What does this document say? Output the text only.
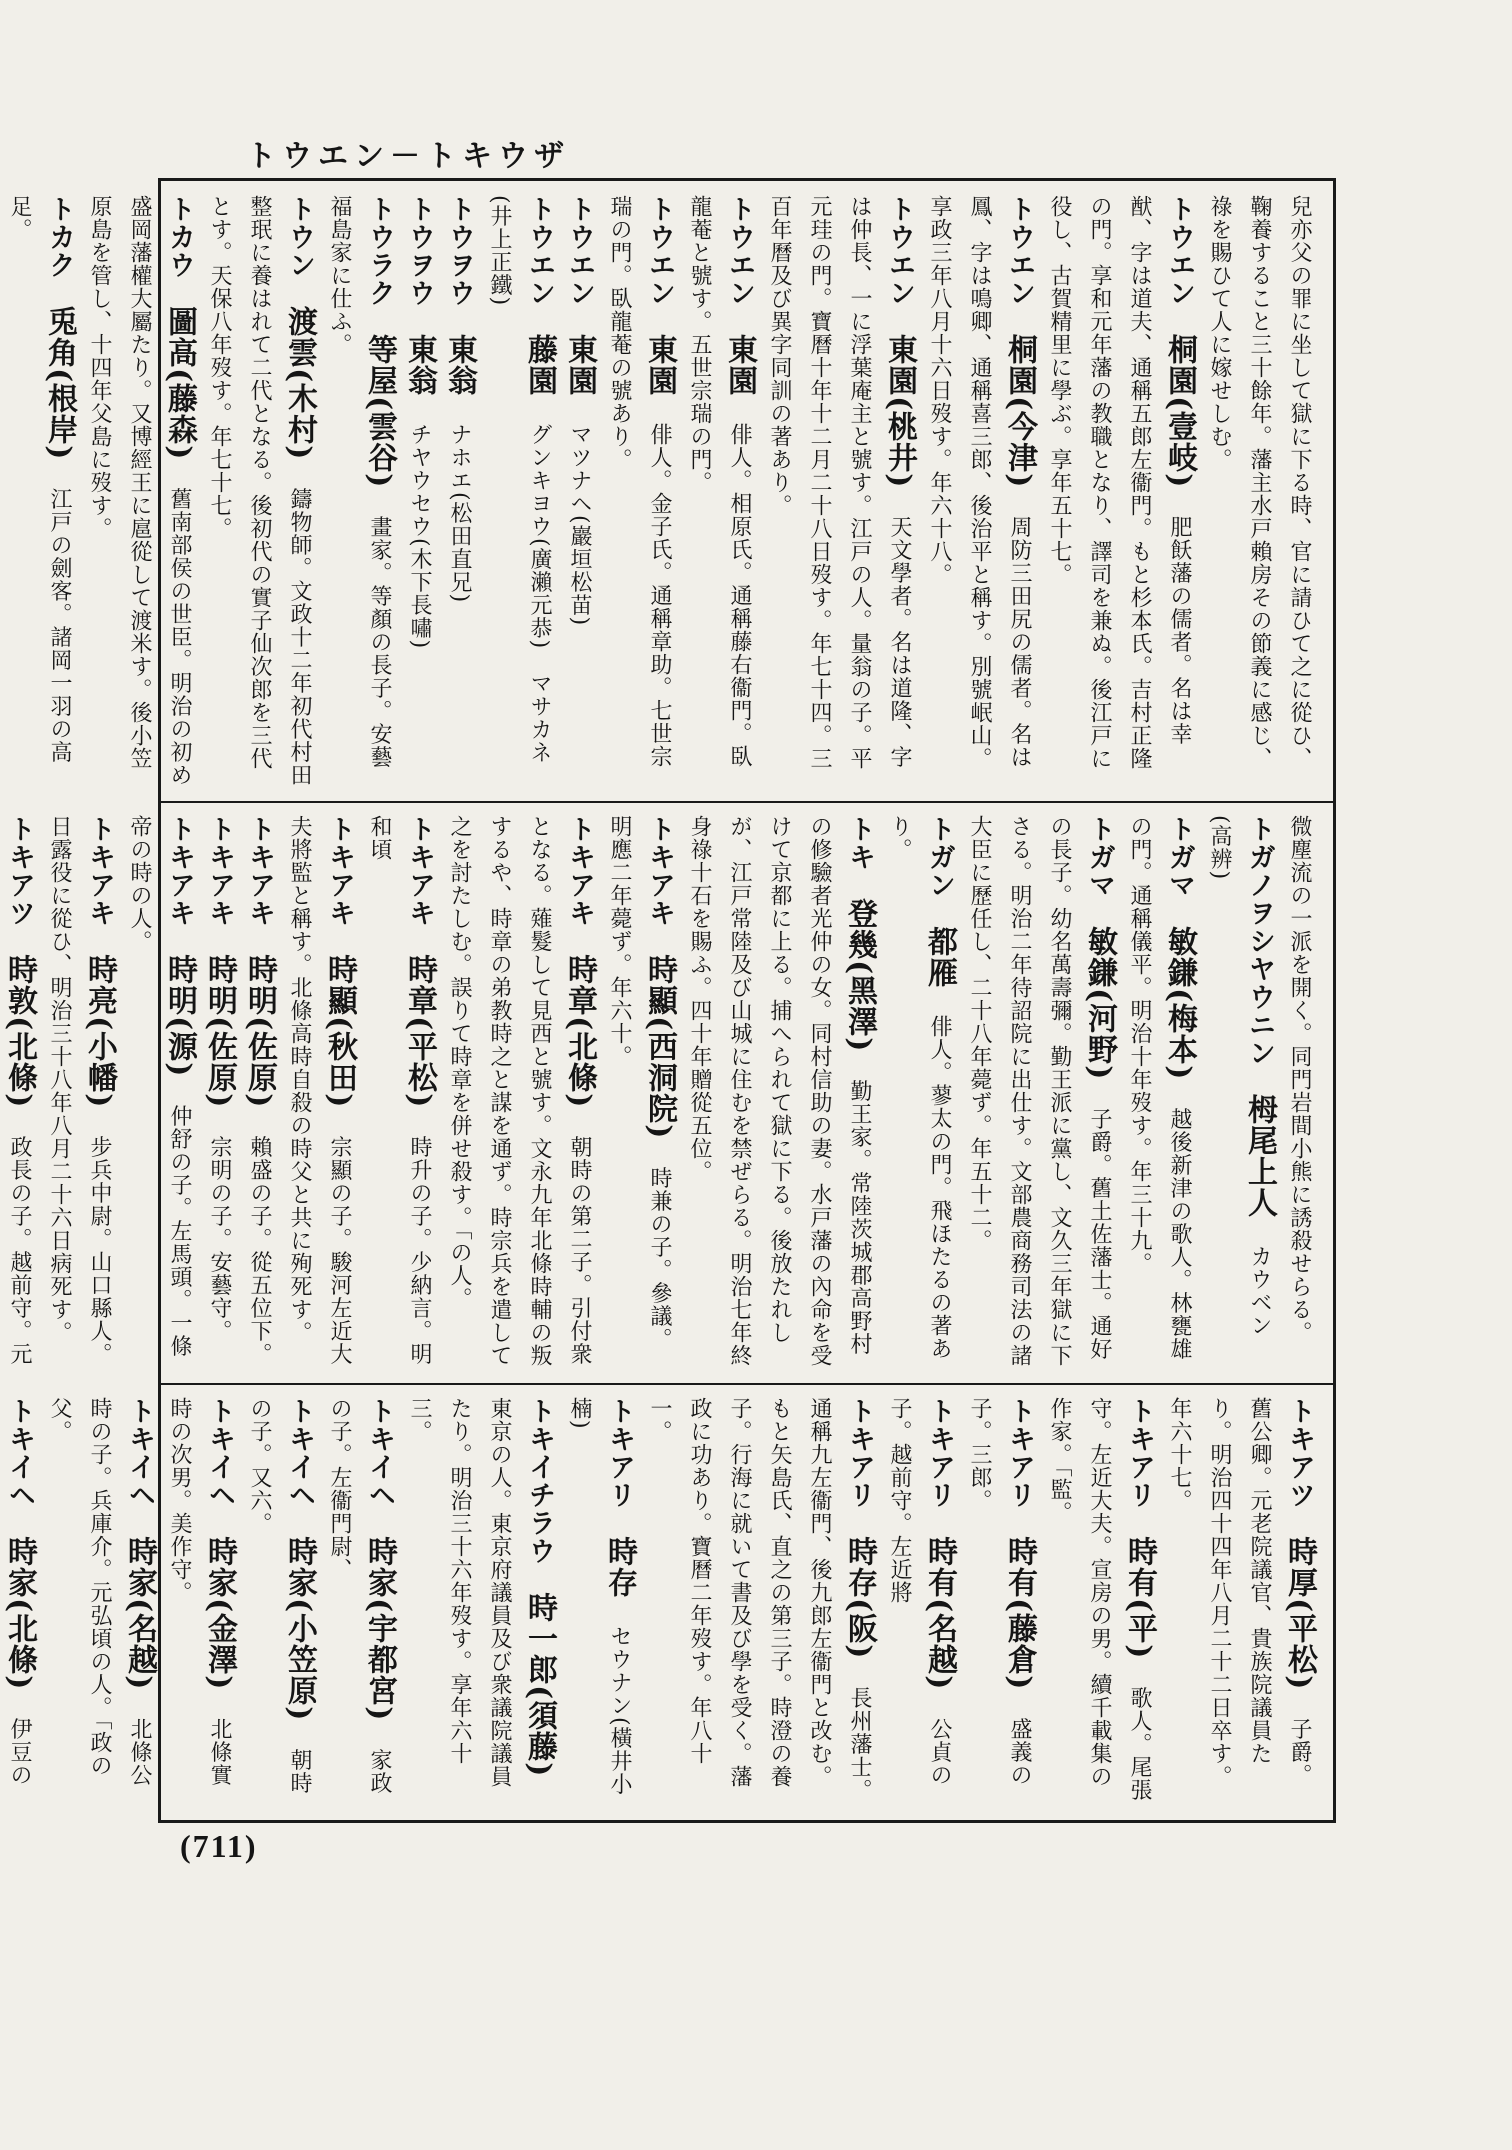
トウエン－トキウザ

兒亦父の罪に坐して獄に下る時、官に請ひて之に從ひ、鞠養すること三十餘年。藩主水戸賴房その節義に感じ、祿を賜ひて人に嫁せしむ。

トウエン　桐園(壹岐)　肥飫藩の儒者。名は幸猷、字は道夫、通稱五郎左衞門。もと杉本氏。吉村正隆の門。享和元年藩の教職となり、譯司を兼ぬ。後江戸に役し、古賀精里に學ぶ。享年五十七。

トウエン　桐園(今津)　周防三田尻の儒者。名は鳳、字は鳴卿、通稱喜三郎、後治平と稱す。別號岷山。享政三年八月十六日歿す。年六十八。

トウエン　東園(桃井)　天文學者。名は道隆、字は仲長、一に浮葉庵主と號す。江戸の人。量翁の子。平元珪の門。寶曆十年十二月二十八日歿す。年七十四。三百年曆及び異字同訓の著あり。

トウエン　東園　俳人。相原氏。通稱藤右衞門。臥龍菴と號す。五世宗瑞の門。

トウエン　東園　俳人。金子氏。通稱章助。七世宗瑞の門。臥龍菴の號あり。

トウエン　東園　マツナヘ(巖垣松苗)

トウエン　藤園　グンキヨウ(廣瀨元恭)　マサカネ(井上正鐵)

トウヲウ　東翁　ナホエ(松田直兄)

トウヲウ　東翁　チヤウセウ(木下長嘯)

トウラク　等屋(雲谷)　畫家。等顏の長子。安藝福島家に仕ふ。

トウン　渡雲(木村)　鑄物師。文政十二年初代村田整珉に養はれて二代となる。後初代の實子仙次郎を三代とす。天保八年歿す。年七十七。

トカウ　圖高(藤森)　舊南部侯の世臣。明治の初め盛岡藩權大屬たり。又博經王に扈從して渡米す。後小笠原島を管し、十四年父島に歿す。

トカク　兎角(根岸)　江戸の劍客。諸岡一羽の高足。

微塵流の一派を開く。同門岩間小熊に誘殺せらる。

トガノヲシヤウニン　栂尾上人　カウベン(高辨)

トガマ　敏鎌(梅本)　越後新津の歌人。林甕雄の門。通稱儀平。明治十年歿す。年三十九。

トガマ　敏鎌(河野)　子爵。舊土佐藩士。通好の長子。幼名萬壽彌。勤王派に黨し、文久三年獄に下さる。明治二年待詔院に出仕す。文部農商務司法の諸大臣に歷任し、二十八年薨ず。年五十二。

トガン　都雁　俳人。蓼太の門。飛ほたるの著あり。

トキ　登幾(黑澤)　勤王家。常陸茨城郡高野村の修驗者光仲の女。同村信助の妻。水戸藩の內命を受けて京都に上る。捕へられて獄に下る。後放たれしが、江戸常陸及び山城に住むを禁ぜらる。明治七年終身祿十石を賜ふ。四十年贈從五位。

トキアキ　時顯(西洞院)　時兼の子。參議。明應二年薨ず。年六十。

トキアキ　時章(北條)　朝時の第二子。引付衆となる。薙髮して見西と號す。文永九年北條時輔の叛するや、時章の弟教時之と謀を通ず。時宗兵を遣して之を討たしむ。誤りて時章を併せ殺す。「の人。

トキアキ　時章(平松)　時升の子。少納言。明和頃

トキアキ　時顯(秋田)　宗顯の子。駿河左近大夫將監と稱す。北條高時自殺の時父と共に殉死す。

トキアキ　時明(佐原)　賴盛の子。從五位下。

トキアキ　時明(佐原)　宗明の子。安藝守。

トキアキ　時明(源)　仲舒の子。左馬頭。一條帝の時の人。

トキアキ　時亮(小幡)　步兵中尉。山口縣人。日露役に從ひ、明治三十八年八月二十六日病死す。

トキアツ　時敦(北條)　政長の子。越前守。元

トキアツ　時厚(平松)　子爵。舊公卿。元老院議官、貴族院議員たり。明治四十四年八月二十二日卒す。年六十七。

トキアリ　時有(平)　歌人。尾張守。左近大夫。宣房の男。續千載集の作家。「監。

トキアリ　時有(藤倉)　盛義の子。三郎。

トキアリ　時有(名越)　公貞の子。越前守。左近將

トキアリ　時存(阪)　長州藩士。通稱九左衞門、後九郎左衞門と改む。もと矢島氏、直之の第三子。時澄の養子。行海に就いて書及び學を受く。藩政に功あり。寶曆二年歿す。年八十一。

トキアリ　時存　セウナン(橫井小楠)

トキイチラウ　時一郎(須藤)　東京の人。東京府議員及び衆議院議員たり。明治三十六年歿す。享年六十三。

トキイヘ　時家(宇都宮)　家政の子。左衞門尉、

トキイヘ　時家(小笠原)　朝時の子。又六。

トキイヘ　時家(金澤)　北條實時の次男。美作守。

トキイヘ　時家(名越)　北條公時の子。兵庫介。元弘頃の人。「政の父。

トキイヘ　時家(北條)　伊豆の

(711)
